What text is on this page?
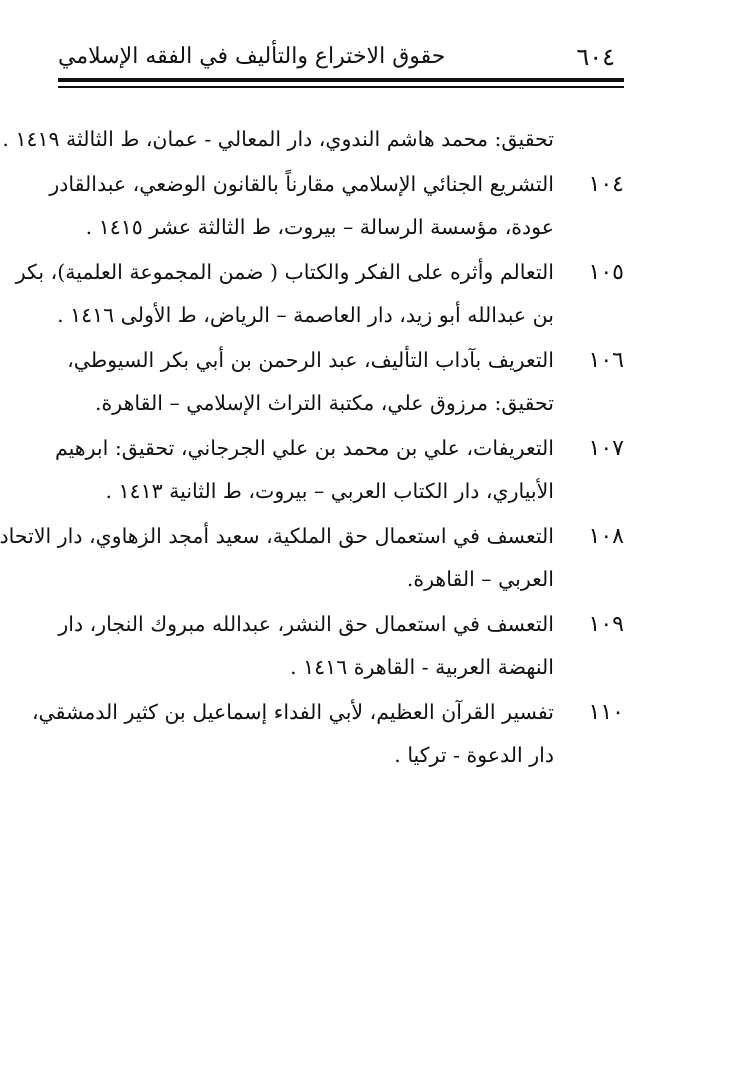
٦٠٤
حقوق الاختراع والتأليف في الفقه الإسلامي
تحقيق: محمد هاشم الندوي، دار المعالي - عمان، ط الثالثة ١٤١٩ .
١٠٤
التشريع الجنائي الإسلامي مقارناً بالقانون الوضعي، عبدالقادر
عودة، مؤسسة الرسالة – بيروت، ط الثالثة عشر ١٤١٥ .
١٠٥
التعالم وأثره على الفكر والكتاب ( ضمن المجموعة العلمية)، بكر
بن عبدالله أبو زيد، دار العاصمة – الرياض، ط الأولى ١٤١٦ .
١٠٦
التعريف بآداب التأليف، عبد الرحمن بن أبي بكر السيوطي،
تحقيق: مرزوق علي، مكتبة التراث الإسلامي – القاهرة.
١٠٧
التعريفات، علي بن محمد بن علي الجرجاني، تحقيق: ابرهيم
الأبياري، دار الكتاب العربي – بيروت، ط الثانية ١٤١٣ .
١٠٨
التعسف في استعمال حق الملكية، سعيد أمجد الزهاوي، دار الاتحاد
العربي – القاهرة.
١٠٩
التعسف في استعمال حق النشر، عبدالله مبروك النجار، دار
النهضة العربية - القاهرة ١٤١٦ .
١١٠
تفسير القرآن العظيم، لأبي الفداء إسماعيل بن كثير الدمشقي،
دار الدعوة - تركيا .
